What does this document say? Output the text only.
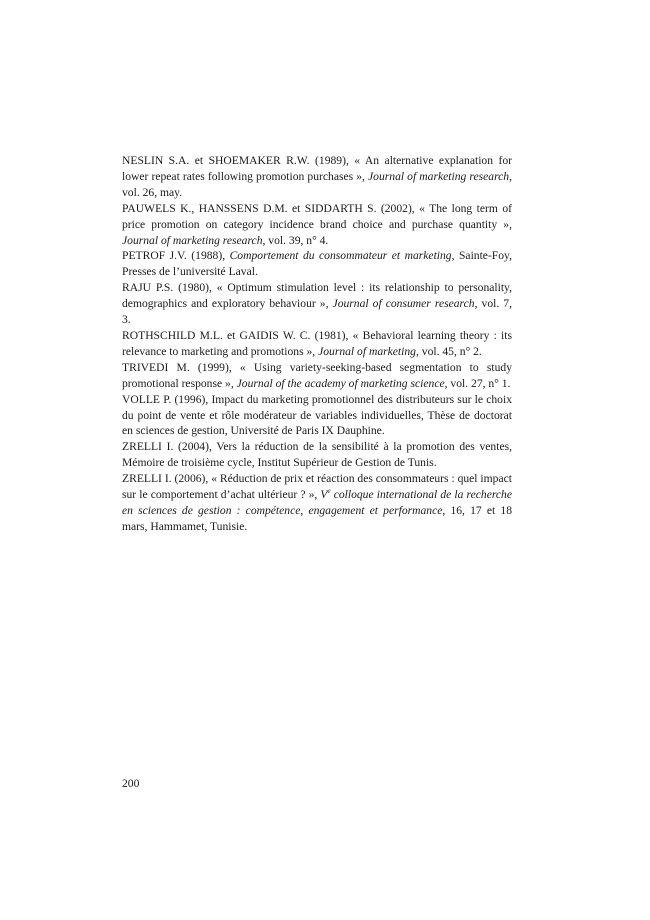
NESLIN S.A. et SHOEMAKER R.W. (1989), « An alternative explanation for lower repeat rates following promotion purchases », Journal of marketing research, vol. 26, may.

PAUWELS K., HANSSENS D.M. et SIDDARTH S. (2002), « The long term of price promotion on category incidence brand choice and purchase quantity », Journal of marketing research, vol. 39, n° 4.

PETROF J.V. (1988), Comportement du consommateur et marketing, Sainte-Foy, Presses de l’université Laval.

RAJU P.S. (1980), « Optimum stimulation level : its relationship to personality, demographics and exploratory behaviour », Journal of consumer research, vol. 7, 3.

ROTHSCHILD M.L. et GAIDIS W. C. (1981), « Behavioral learning theory : its relevance to marketing and promotions », Journal of marketing, vol. 45, n° 2.

TRIVEDI M. (1999), « Using variety-seeking-based segmentation to study promotional response », Journal of the academy of marketing science, vol. 27, n° 1.

VOLLE P. (1996), Impact du marketing promotionnel des distributeurs sur le choix du point de vente et rôle modérateur de variables individuelles, Thèse de doctorat en sciences de gestion, Université de Paris IX Dauphine.

ZRELLI I. (2004), Vers la réduction de la sensibilité à la promotion des ventes, Mémoire de troisième cycle, Institut Supérieur de Gestion de Tunis.

ZRELLI I. (2006), « Réduction de prix et réaction des consommateurs : quel impact sur le comportement d’achat ultérieur ? », Ve colloque international de la recherche en sciences de gestion : compétence, engagement et performance, 16, 17 et 18 mars, Hammamet, Tunisie.

200
